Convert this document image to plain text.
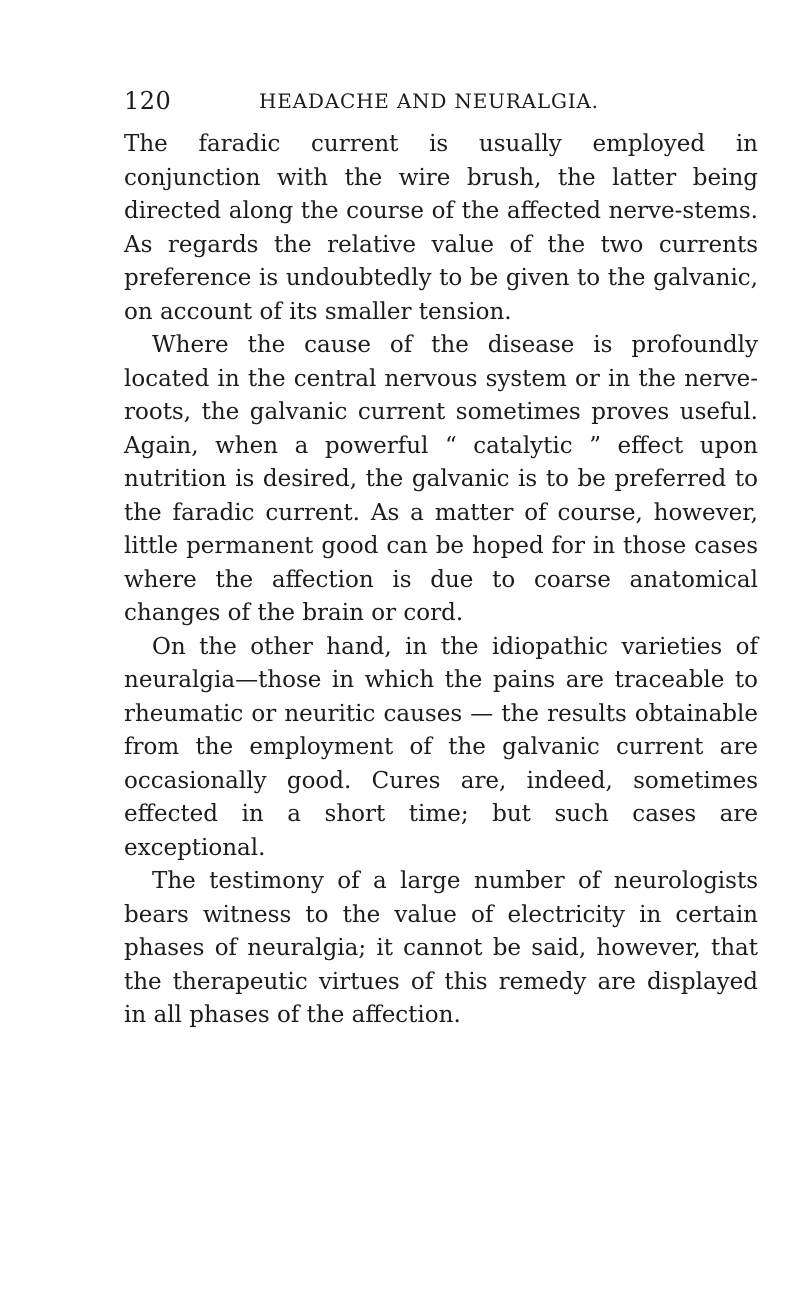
120	HEADACHE AND NEURALGIA.

The faradic current is usually employed in conjunction with the wire brush, the latter being directed along the course of the affected nerve-stems. As regards the relative value of the two currents preference is undoubtedly to be given to the galvanic, on account of its smaller tension.

Where the cause of the disease is profoundly located in the central nervous system or in the nerve-roots, the galvanic current sometimes proves useful. Again, when a powerful “ catalytic ” effect upon nutrition is desired, the galvanic is to be preferred to the faradic current. As a matter of course, however, little permanent good can be hoped for in those cases where the affection is due to coarse anatomical changes of the brain or cord.

On the other hand, in the idiopathic varieties of neuralgia—those in which the pains are traceable to rheumatic or neuritic causes — the results obtainable from the employment of the galvanic current are occasionally good. Cures are, indeed, sometimes effected in a short time; but such cases are exceptional.

The testimony of a large number of neurologists bears witness to the value of electricity in certain phases of neuralgia; it cannot be said, however, that the therapeutic virtues of this remedy are displayed in all phases of the affection.
